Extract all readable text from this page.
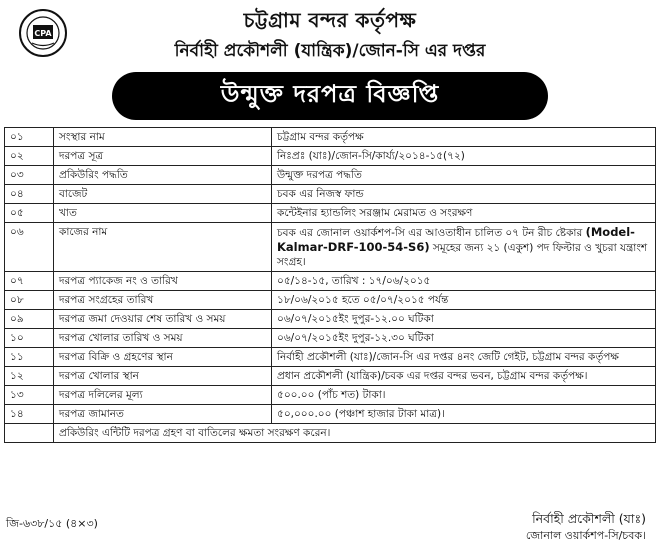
CPA
চট্টগ্রাম বন্দর কর্তৃপক্ষ
নির্বাহী প্রকৌশলী (যান্ত্রিক)/জোন-সি এর দপ্তর
উন্মুক্ত দরপত্র বিজ্ঞপ্তি
০১	সংস্থার নাম	চট্টগ্রাম বন্দর কর্তৃপক্ষ
০২	দরপত্র সূত্র	নিঃপ্রঃ (যাঃ)/জোন-সি/কার্য্য/২০১৪-১৫(৭২)
০৩	প্রকিউরিং পদ্ধতি	উন্মুক্ত দরপত্র পদ্ধতি
০৪	বাজেট	চবক এর নিজস্ব ফান্ড
০৫	খাত	কন্টেইনার হ্যান্ডলিং সরঞ্জাম মেরামত ও সংরক্ষণ
০৬	কাজের নাম	চবক এর জোনাল ওয়ার্কশপ-সি এর আওতাধীন চালিত ০৭ টন রীচ ষ্টেকার (Model-Kalmar-DRF-100-54-S6) সমূহের জন্য ২১ (একুশ) পদ ফিল্টার ও খুচরা যন্ত্রাংশ সংগ্রহ।
০৭	দরপত্র প্যাকেজ নং ও তারিখ	০৫/১৪-১৫, তারিখ : ১৭/০৬/২০১৫
০৮	দরপত্র সংগ্রহের তারিখ	১৮/০৬/২০১৫ হতে ০৫/০৭/২০১৫ পর্যন্ত
০৯	দরপত্র জমা দেওয়ার শেষ তারিখ ও সময়	০৬/০৭/২০১৫ইং দুপুর-১২.০০ ঘটিকা
১০	দরপত্র খোলার তারিখ ও সময়	০৬/০৭/২০১৫ইং দুপুর-১২.৩০ ঘটিকা
১১	দরপত্র বিক্রি ও গ্রহণের স্থান	নির্বাহী প্রকৌশলী (যাঃ)/জোন-সি এর দপ্তর ৪নং জেটি গেইট, চট্টগ্রাম বন্দর কর্তৃপক্ষ
১২	দরপত্র খোলার স্থান	প্রধান প্রকৌশলী (যান্ত্রিক)/চবক এর দপ্তর বন্দর ভবন, চট্টগ্রাম বন্দর কর্তৃপক্ষ।
১৩	দরপত্র দলিলের মূল্য	৫০০.০০ (পাঁচ শত) টাকা।
১৪	দরপত্র জামানত	৫০,০০০.০০ (পঞ্চাশ হাজার টাকা মাত্র)।
	প্রকিউরিং এন্টিটি দরপত্র গ্রহণ বা বাতিলের ক্ষমতা সংরক্ষণ করেন।	
জি-৬৩৮/১৫ (৪×৩)	নির্বাহী প্রকৌশলী (যাঃ)
জোনাল ওয়ার্কশপ-সি/চবক।
